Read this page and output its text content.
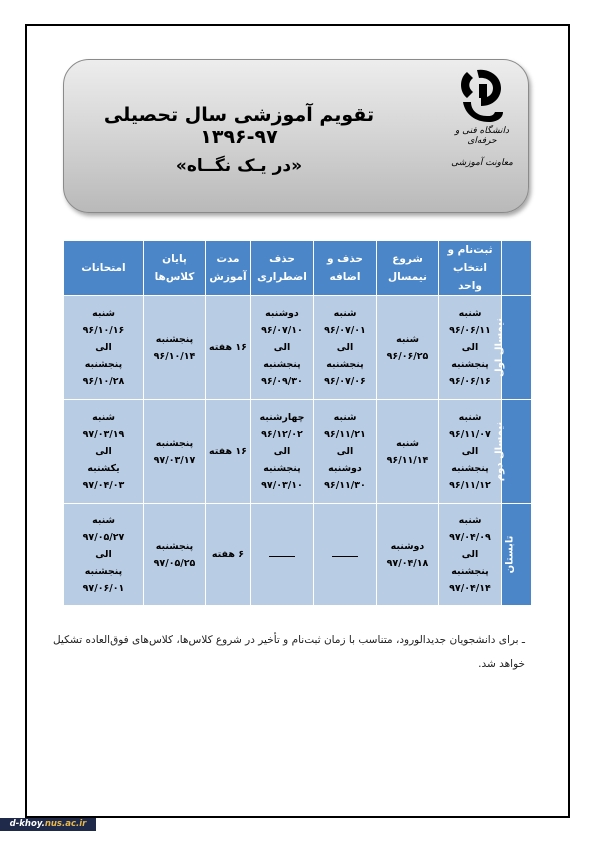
تقویم آموزشی سال تحصیلی ۹۷-۱۳۹۶
«در یـک نگــاه»
دانشگاه فنی و حرفه‌ای
معاونت آموزشی
	ثبت‌نام و انتخاب واحد	شروع نیمسال	حذف و اضافه	حذف اضطراری	مدت آموزش	پایان کلاس‌ها	امتحانات
نیمسال اول	شنبه
۹۶/۰۶/۱۱
الی
پنجشنبه
۹۶/۰۶/۱۶	شنبه
۹۶/۰۶/۲۵	شنبه
۹۶/۰۷/۰۱
الی
پنجشنبه
۹۶/۰۷/۰۶	دوشنبه
۹۶/۰۷/۱۰
الی
پنجشنبه
۹۶/۰۹/۳۰	۱۶ هفته	پنجشنبه
۹۶/۱۰/۱۴	شنبه
۹۶/۱۰/۱۶
الی
پنجشنبه
۹۶/۱۰/۲۸

نیمسال دوم	شنبه
۹۶/۱۱/۰۷
الی
پنجشنبه
۹۶/۱۱/۱۲	شنبه
۹۶/۱۱/۱۴	شنبه
۹۶/۱۱/۲۱
الی
دوشنبه
۹۶/۱۱/۳۰	چهارشنبه
۹۶/۱۲/۰۲
الی
پنجشنبه
۹۷/۰۳/۱۰	۱۶ هفته	پنجشنبه
۹۷/۰۳/۱۷	شنبه
۹۷/۰۳/۱۹
الی
یکشنبه
۹۷/۰۴/۰۳

تابستان	شنبه
۹۷/۰۴/۰۹
الی
پنجشنبه
۹۷/۰۴/۱۴	دوشنبه
۹۷/۰۴/۱۸			۶ هفته	پنجشنبه
۹۷/۰۵/۲۵	شنبه
۹۷/۰۵/۲۷
الی
پنجشنبه
۹۷/۰۶/۰۱
ـ برای دانشجویان جدیدالورود، متناسب با زمان ثبت‌نام و تأخیر در شروع کلاس‌ها، کلاس‌های فوق‌العاده تشکیل خواهد شد.
d-khoy.nus.ac.ir
